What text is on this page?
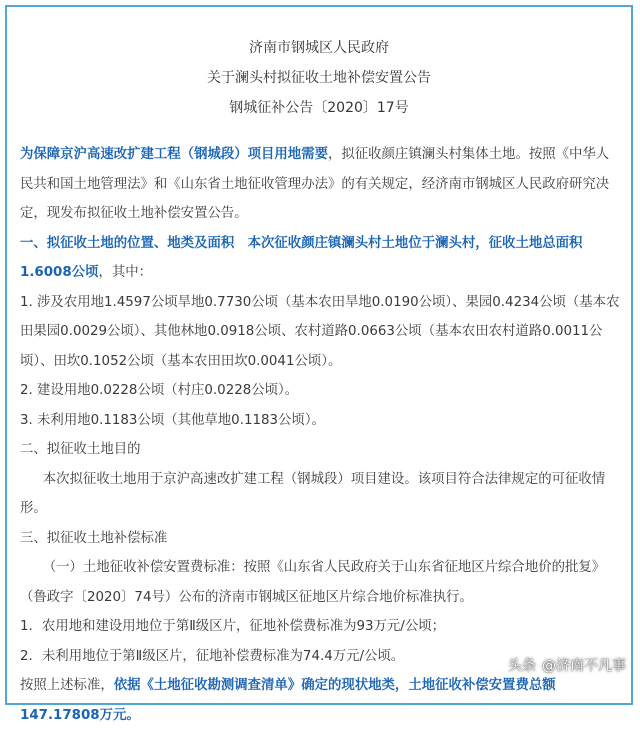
济南市钢城区人民政府
关于澜头村拟征收土地补偿安置公告
钢城征补公告〔2020〕17号

为保障京沪高速改扩建工程（钢城段）项目用地需要，拟征收颜庄镇澜头村集体土地。按照《中华人民共和国土地管理法》和《山东省土地征收管理办法》的有关规定，经济南市钢城区人民政府研究决定，现发布拟征收土地补偿安置公告。

一、拟征收土地的位置、地类及面积　本次征收颜庄镇澜头村土地位于澜头村，征收土地总面积1.6008公顷，其中：

1. 涉及农用地1.4597公顷旱地0.7730公顷（基本农田旱地0.0190公顷）、果园0.4234公顷（基本农田果园0.0029公顷）、其他林地0.0918公顷、农村道路0.0663公顷（基本农田农村道路0.0011公顷）、田坎0.1052公顷（基本农田田坎0.0041公顷）。

2. 建设用地0.0228公顷（村庄0.0228公顷）。

3. 未利用地0.1183公顷（其他草地0.1183公顷）。

二、拟征收土地目的

本次拟征收土地用于京沪高速改扩建工程（钢城段）项目建设。该项目符合法律规定的可征收情形。

三、拟征收土地补偿标准

（一）土地征收补偿安置费标准：按照《山东省人民政府关于山东省征地区片综合地价的批复》（鲁政字〔2020〕74号）公布的济南市钢城区征地区片综合地价标准执行。

1．农用地和建设用地位于第Ⅱ级区片，征地补偿费标准为93万元/公顷；

2．未利用地位于第Ⅱ级区片，征地补偿费标准为74.4万元/公顷。

按照上述标准，依据《土地征收勘测调查清单》确定的现状地类，土地征收补偿安置费总额147.17808万元。

头条 @济南不凡事
